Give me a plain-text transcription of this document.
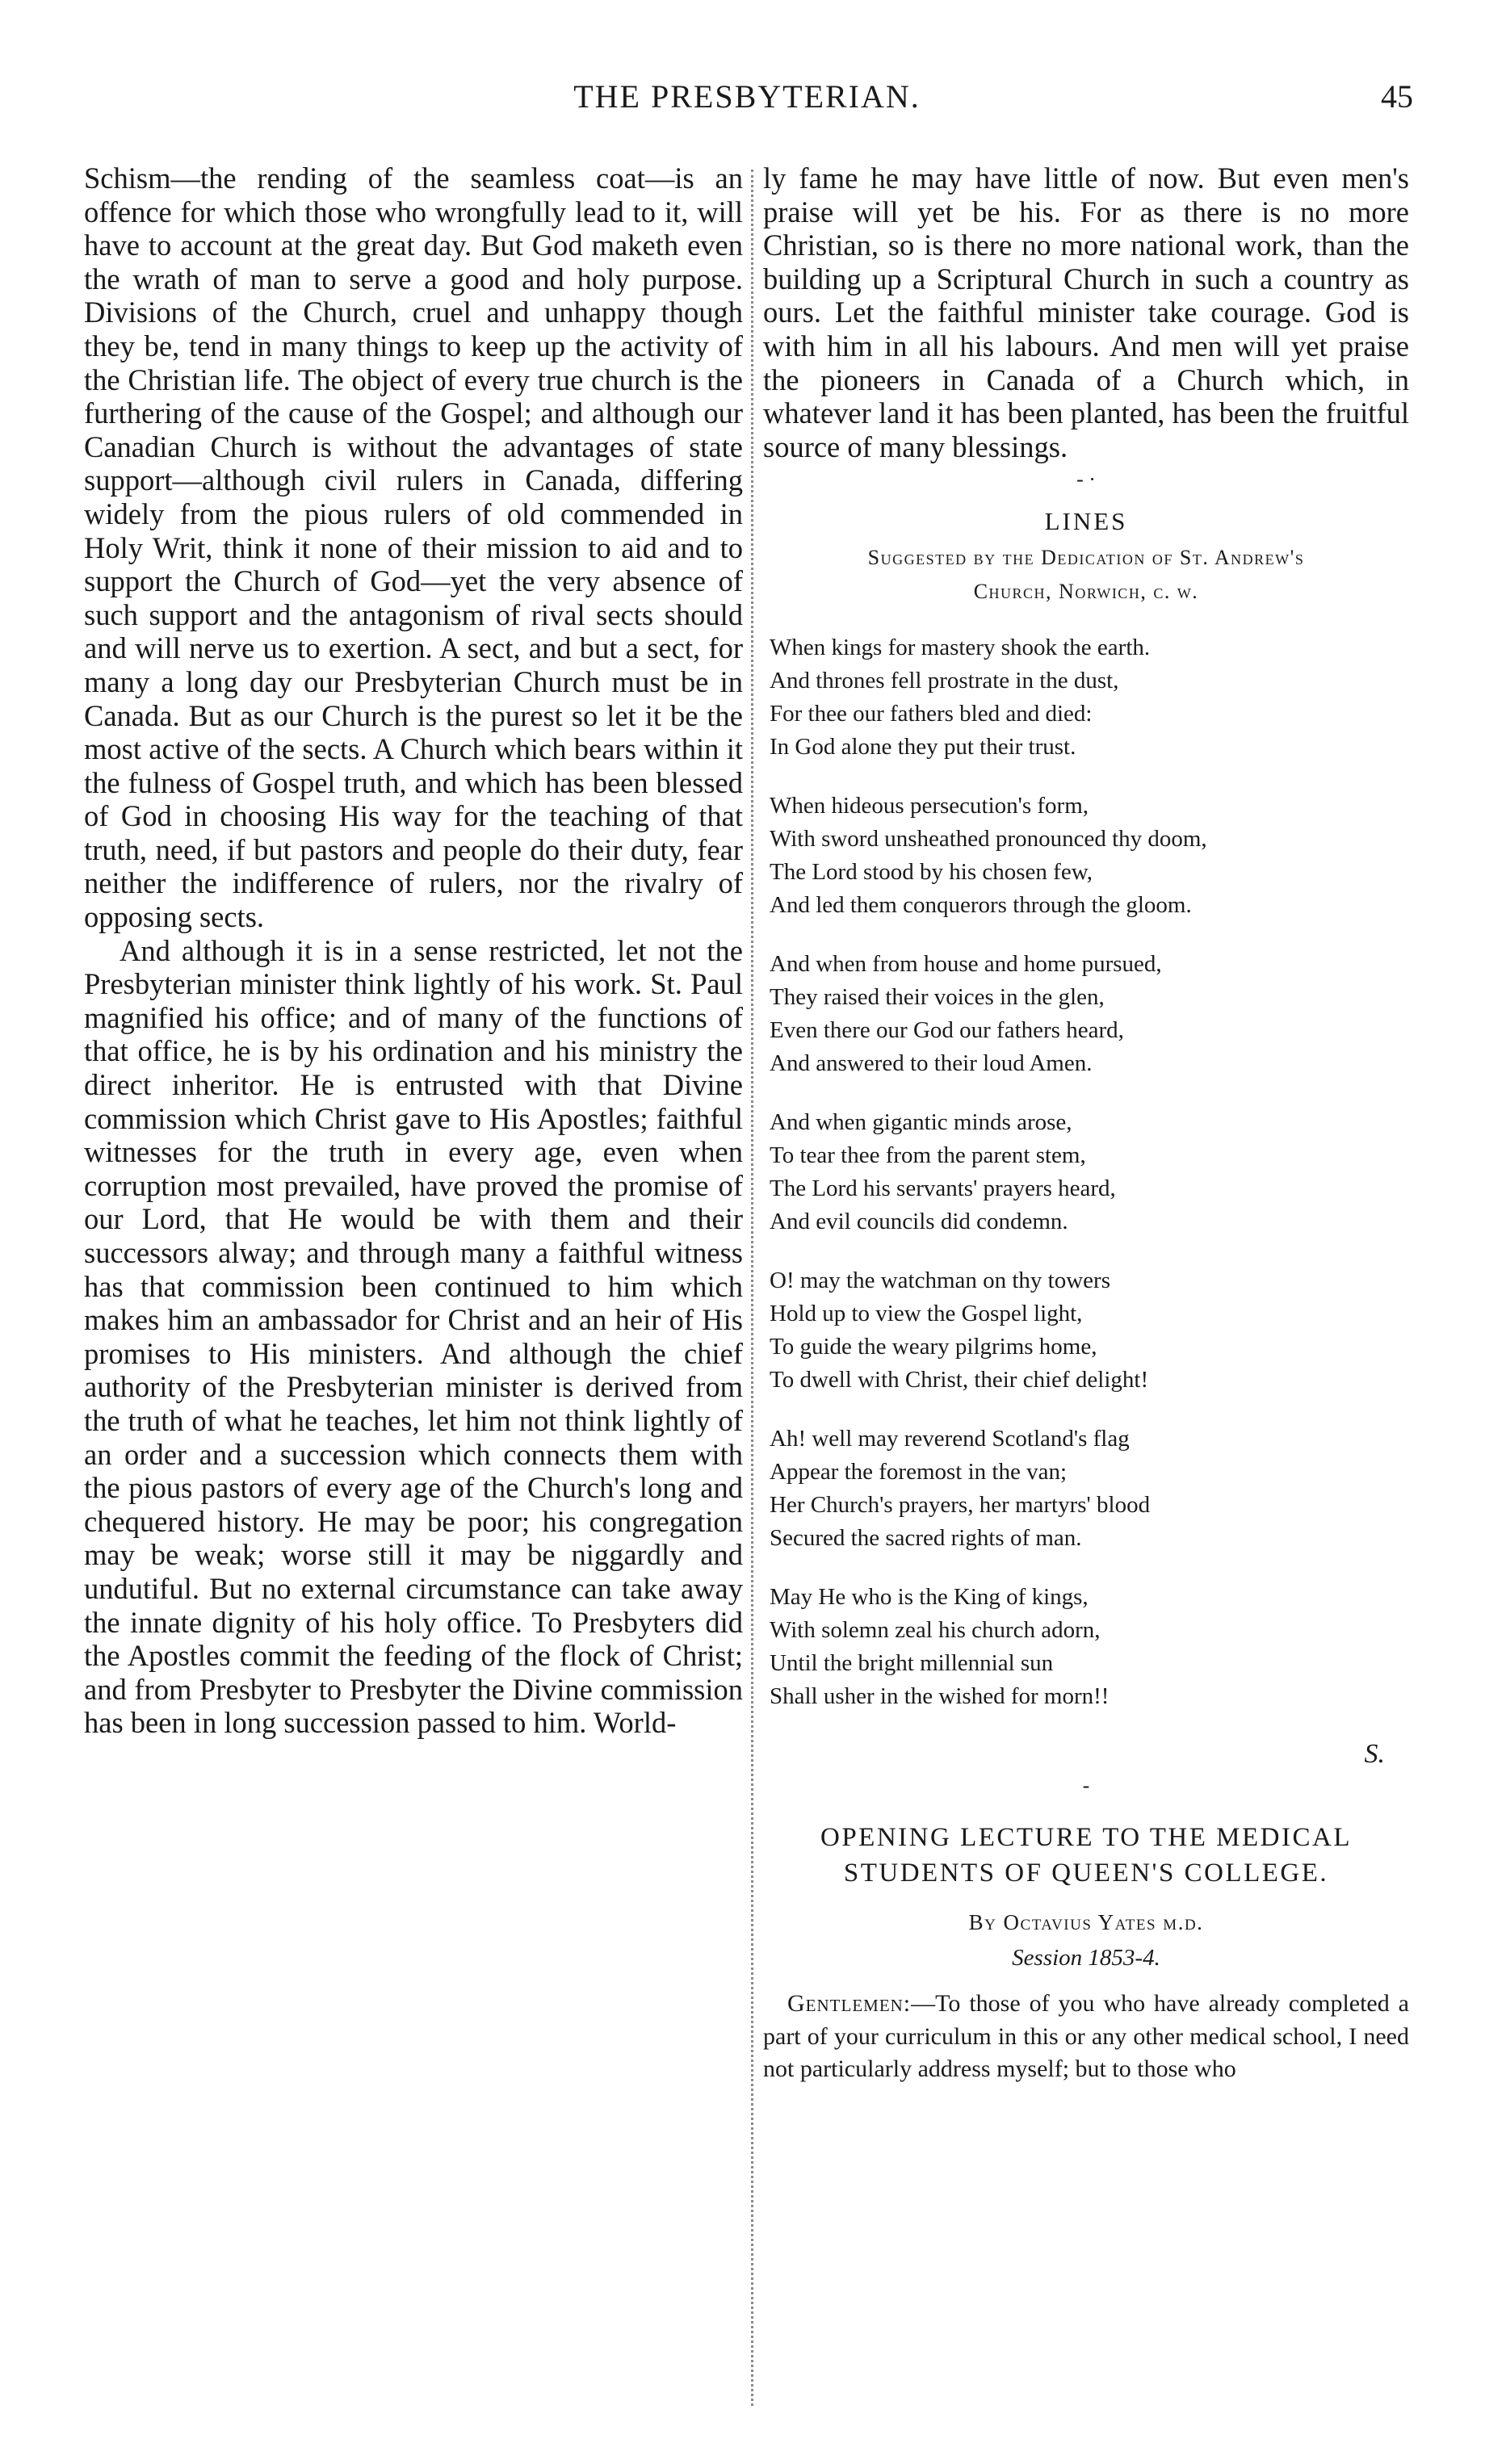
THE PRESBYTERIAN.	45

Schism—the rending of the seamless coat—is an offence for which those who wrongfully lead to it, will have to account at the great day. But God maketh even the wrath of man to serve a good and holy purpose. Divisions of the Church, cruel and unhappy though they be, tend in many things to keep up the activity of the Christian life. The object of every true church is the furthering of the cause of the Gospel; and although our Canadian Church is without the advantages of state support—although civil rulers in Canada, differing widely from the pious rulers of old commended in Holy Writ, think it none of their mission to aid and to support the Church of God—yet the very absence of such support and the antagonism of rival sects should and will nerve us to exertion. A sect, and but a sect, for many a long day our Presbyterian Church must be in Canada. But as our Church is the purest so let it be the most active of the sects. A Church which bears within it the fulness of Gospel truth, and which has been blessed of God in choosing His way for the teaching of that truth, need, if but pastors and people do their duty, fear neither the indifference of rulers, nor the rivalry of opposing sects.

And although it is in a sense restricted, let not the Presbyterian minister think lightly of his work. St. Paul magnified his office; and of many of the functions of that office, he is by his ordination and his ministry the direct inheritor. He is entrusted with that Divine commission which Christ gave to His Apostles; faithful witnesses for the truth in every age, even when corruption most prevailed, have proved the promise of our Lord, that He would be with them and their successors alway; and through many a faithful witness has that commission been continued to him which makes him an ambassador for Christ and an heir of His promises to His ministers. And although the chief authority of the Presbyterian minister is derived from the truth of what he teaches, let him not think lightly of an order and a succession which connects them with the pious pastors of every age of the Church's long and chequered history. He may be poor; his congregation may be weak; worse still it may be niggardly and undutiful. But no external circumstance can take away the innate dignity of his holy office. To Presbyters did the Apostles commit the feeding of the flock of Christ; and from Presbyter to Presbyter the Divine commission has been in long succession passed to him. World-

ly fame he may have little of now. But even men's praise will yet be his. For as there is no more Christian, so is there no more national work, than the building up a Scriptural Church in such a country as ours. Let the faithful minister take courage. God is with him in all his labours. And men will yet praise the pioneers in Canada of a Church which, in whatever land it has been planted, has been the fruitful source of many blessings.

- ·
LINES
Suggested by the Dedication of St. Andrew's
Church, Norwich, c. w.
When kings for mastery shook the earth.
And thrones fell prostrate in the dust,
For thee our fathers bled and died:
In God alone they put their trust.
When hideous persecution's form,
With sword unsheathed pronounced thy doom,
The Lord stood by his chosen few,
And led them conquerors through the gloom.
And when from house and home pursued,
They raised their voices in the glen,
Even there our God our fathers heard,
And answered to their loud Amen.
And when gigantic minds arose,
To tear thee from the parent stem,
The Lord his servants' prayers heard,
And evil councils did condemn.
O! may the watchman on thy towers
Hold up to view the Gospel light,
To guide the weary pilgrims home,
To dwell with Christ, their chief delight!
Ah! well may reverend Scotland's flag
Appear the foremost in the van;
Her Church's prayers, her martyrs' blood
Secured the sacred rights of man.
May He who is the King of kings,
With solemn zeal his church adorn,
Until the bright millennial sun
Shall usher in the wished for morn!!
S.
-
OPENING LECTURE TO THE MEDICAL
STUDENTS OF QUEEN'S COLLEGE.
By Octavius Yates m.d.
Session 1853-4.

Gentlemen:—To those of you who have already completed a part of your curriculum in this or any other medical school, I need not particularly address myself; but to those who
